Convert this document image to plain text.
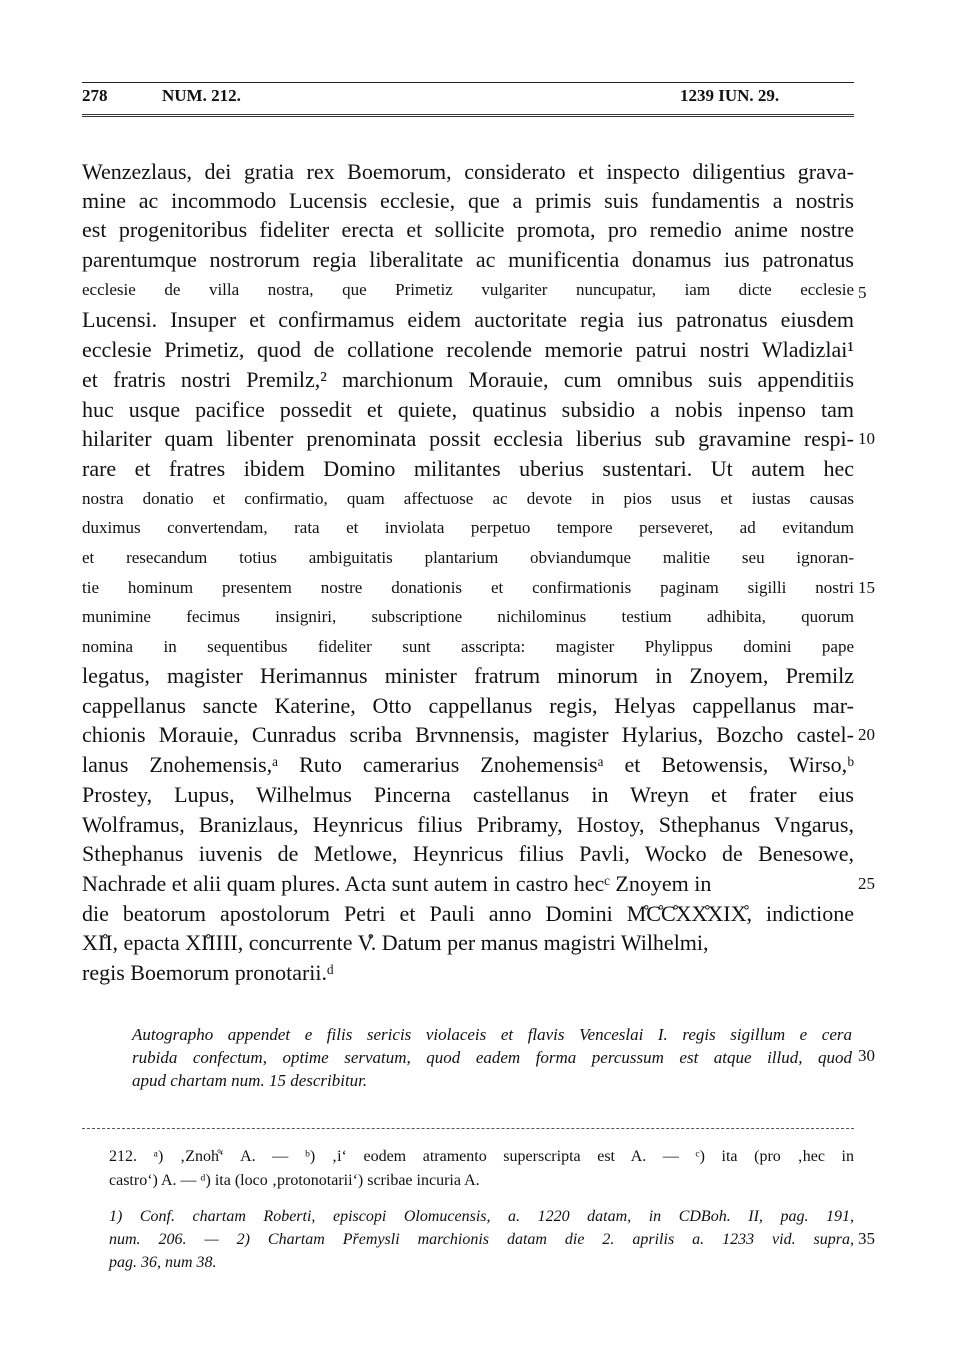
278	NUM. 212.	1239 IUN. 29.
Wenzezlaus, dei gratia rex Boemorum, considerato et inspecto diligentius grava-
mine ac incommodo Lucensis ecclesie, que a primis suis fundamentis a nostris
est progenitoribus fideliter erecta et sollicite promota, pro remedio anime nostre
parentumque nostrorum regia liberalitate ac munificentia donamus ius patronatus
ecclesie de villa nostra, que Primetiz vulgariter nuncupatur, iam dicte ecclesie 5
Lucensi. Insuper et confirmamus eidem auctoritate regia ius patronatus eiusdem
ecclesie Primetiz, quod de collatione recolende memorie patrui nostri Wladizlai¹
et fratris nostri Premilz,² marchionum Morauie, cum omnibus suis appenditiis
huc usque pacifice possedit et quiete, quatinus subsidio a nobis inpenso tam
hilariter quam libenter prenominata possit ecclesia liberius sub gravamine respi- 10
rare et fratres ibidem Domino militantes uberius sustentari. Ut autem hec
nostra donatio et confirmatio, quam affectuose ac devote in pios usus et iustas causas
duximus convertendam, rata et inviolata perpetuo tempore perseveret, ad evitandum
et resecandum totius ambiguitatis plantarium obviandumque malitie seu ignoran-
tie hominum presentem nostre donationis et confirmationis paginam sigilli nostri 15
munimine fecimus insigniri, subscriptione nichilominus testium adhibita, quorum
nomina in sequentibus fideliter sunt asscripta: magister Phylippus domini pape
legatus, magister Herimannus minister fratrum minorum in Znoyem, Premilz
cappellanus sancte Katerine, Otto cappellanus regis, Helyas cappellanus mar-
chionis Morauie, Cunradus scriba Brvnnensis, magister Hylarius, Bozcho castel- 20
lanus Znohemensis,ᵃ Ruto camerarius Znohemensisᵃ et Betowensis, Wirso,ᵇ
Prostey, Lupus, Wilhelmus Pincerna castellanus in Wreyn et frater eius
Wolframus, Branizlaus, Heynricus filius Pribramy, Hostoy, Sthephanus Vngarus,
Sthephanus iuvenis de Metlowe, Heynricus filius Pavli, Wocko de Benesowe,
Nachrade et alii quam plures. Acta sunt autem in castro hecᶜ Znoyem in	25
die beatorum apostolorum Petri et Pauli anno Domini M̊C̊C̊XX̊XIX̊, indictione
XI̊I, epacta XI̊IIII, concurrente V̊. Datum per manus magistri Wilhelmi,
regis Boemorum pronotarii.ᵈ
Autographo appendet e filis sericis violaceis et flavis Venceslai I. regis sigillum e cera
rubida confectum, optime servatum, quod eadem forma percussum est atque illud, quod 30
apud chartam num. 15 describitur.
212. ᵃ) ‚Znoh̊‘ A. — ᵇ) ‚i‘ eodem atramento superscripta est A. — ᶜ) ita (pro ‚hec in
castro‘) A. — ᵈ) ita (loco ‚protonotarii‘) scribae incuria A.
1) Conf. chartam Roberti, episcopi Olomucensis, a. 1220 datam, in CDBoh. II, pag. 191,
num. 206. — 2) Chartam Přemysli marchionis datam die 2. aprilis a. 1233 vid. supra, 35
pag. 36, num 38.
